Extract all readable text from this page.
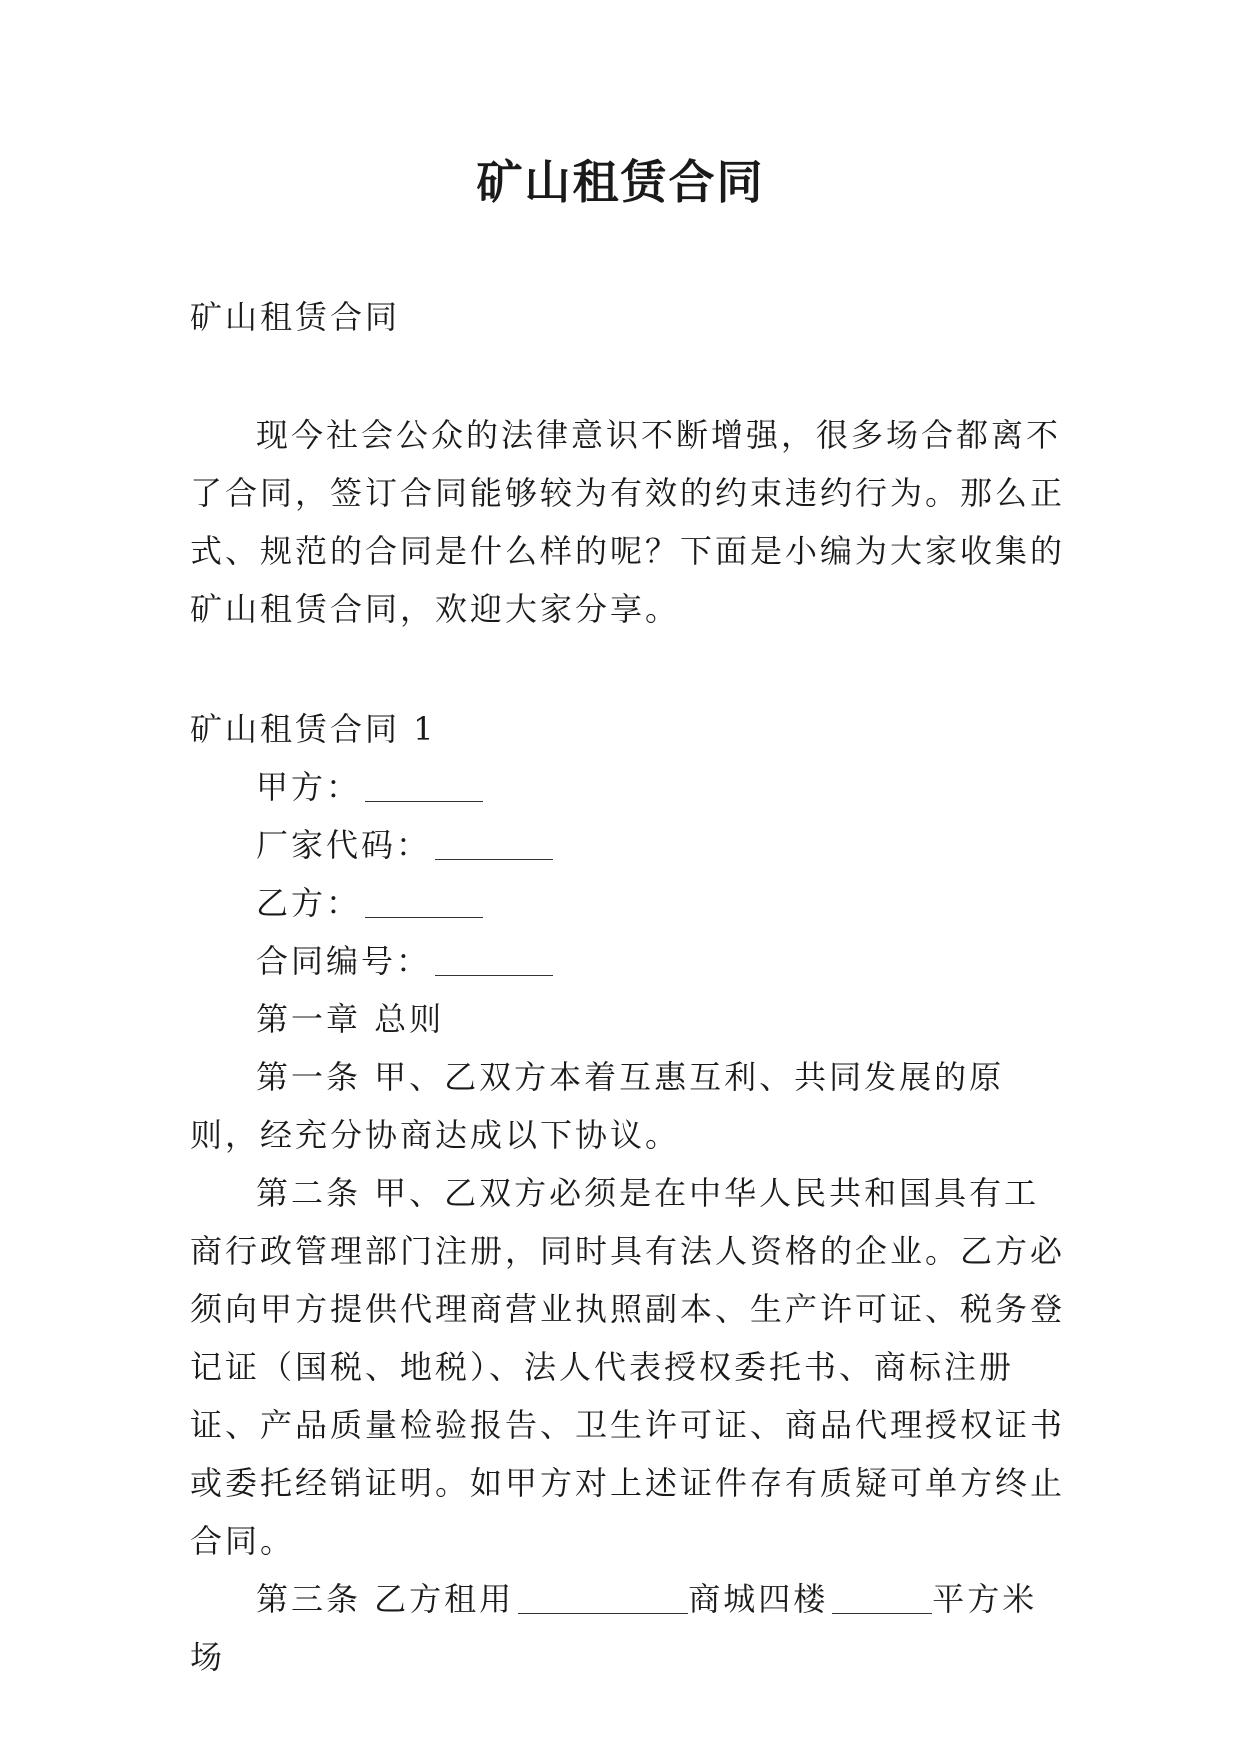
矿山租赁合同
矿山租赁合同

现今社会公众的法律意识不断增强，很多场合都离不了合同，签订合同能够较为有效的约束违约行为。那么正式、规范的合同是什么样的呢？下面是小编为大家收集的矿山租赁合同，欢迎大家分享。

矿山租赁合同 1

甲方：

厂家代码：

乙方：

合同编号：

第一章 总则

第一条 甲、乙双方本着互惠互利、共同发展的原则，经充分协商达成以下协议。

第二条 甲、乙双方必须是在中华人民共和国具有工商行政管理部门注册，同时具有法人资格的企业。乙方必须向甲方提供代理商营业执照副本、生产许可证、税务登记证（国税、地税）、法人代表授权委托书、商标注册证、产品质量检验报告、卫生许可证、商品代理授权证书或委托经销证明。如甲方对上述证件存有质疑可单方终止合同。

第三条 乙方租用	商城四楼	平方米场
